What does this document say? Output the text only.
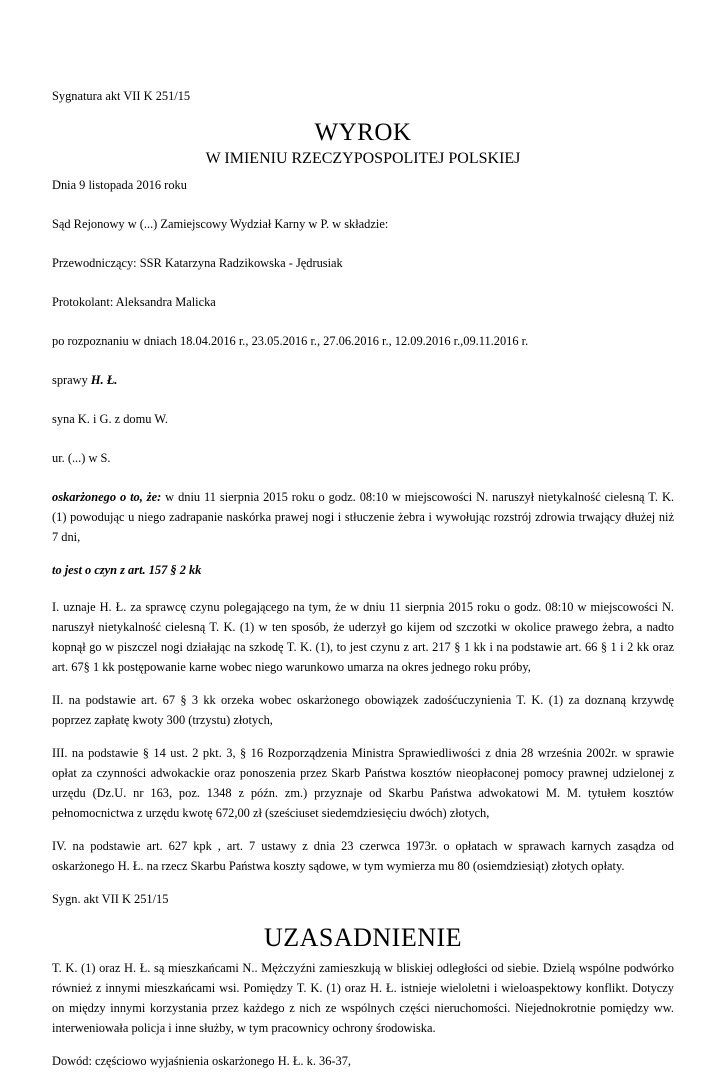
Sygnatura akt VII K 251/15

WYROK
W IMIENIU RZECZYPOSPOLITEJ POLSKIEJ

Dnia 9 listopada 2016 roku

Sąd Rejonowy w (...) Zamiejscowy Wydział Karny w P. w składzie:

Przewodniczący: SSR Katarzyna Radzikowska - Jędrusiak

Protokolant: Aleksandra Malicka

po rozpoznaniu w dniach 18.04.2016 r., 23.05.2016 r., 27.06.2016 r., 12.09.2016 r.,09.11.2016 r.

sprawy H. Ł.

syna K. i G. z domu W.

ur. (...) w S.

oskarżonego o to, że: w dniu 11 sierpnia 2015 roku o godz. 08:10 w miejscowości N. naruszył nietykalność cielesną T. K. (1) powodując u niego zadrapanie naskórka prawej nogi i stłuczenie żebra i wywołując rozstrój zdrowia trwający dłużej niż 7 dni,

to jest o czyn z art. 157 § 2 kk

I. uznaje H. Ł. za sprawcę czynu polegającego na tym, że w dniu 11 sierpnia 2015 roku o godz. 08:10 w miejscowości N. naruszył nietykalność cielesną T. K. (1) w ten sposób, że uderzył go kijem od szczotki w okolice prawego żebra, a nadto kopnął go w piszczel nogi działając na szkodę T. K. (1), to jest czynu z art. 217 § 1 kk i na podstawie art. 66 § 1 i 2 kk oraz art. 67§ 1 kk postępowanie karne wobec niego warunkowo umarza na okres jednego roku próby,

II. na podstawie art. 67 § 3 kk orzeka wobec oskarżonego obowiązek zadośćuczynienia T. K. (1) za doznaną krzywdę poprzez zapłatę kwoty 300 (trzystu) złotych,

III. na podstawie § 14 ust. 2 pkt. 3, § 16 Rozporządzenia Ministra Sprawiedliwości z dnia 28 września 2002r. w sprawie opłat za czynności adwokackie oraz ponoszenia przez Skarb Państwa kosztów nieopłaconej pomocy prawnej udzielonej z urzędu (Dz.U. nr 163, poz. 1348 z późn. zm.) przyznaje od Skarbu Państwa adwokatowi M. M. tytułem kosztów pełnomocnictwa z urzędu kwotę 672,00 zł (sześciuset siedemdziesięciu dwóch) złotych,

IV. na podstawie art. 627 kpk , art. 7 ustawy z dnia 23 czerwca 1973r. o opłatach w sprawach karnych zasądza od oskarżonego H. Ł. na rzecz Skarbu Państwa koszty sądowe, w tym wymierza mu 80 (osiemdziesiąt) złotych opłaty.

Sygn. akt VII K 251/15

UZASADNIENIE

T. K. (1) oraz H. Ł. są mieszkańcami N.. Mężczyźni zamieszkują w bliskiej odległości od siebie. Dzielą wspólne podwórko również z innymi mieszkańcami wsi. Pomiędzy T. K. (1) oraz H. Ł. istnieje wieloletni i wieloaspektowy konflikt. Dotyczy on między innymi korzystania przez każdego z nich ze wspólnych części nieruchomości. Niejednokrotnie pomiędzy ww. interweniowała policja i inne służby, w tym pracownicy ochrony środowiska.

Dowód: częściowo wyjaśnienia oskarżonego H. Ł. k. 36-37,
